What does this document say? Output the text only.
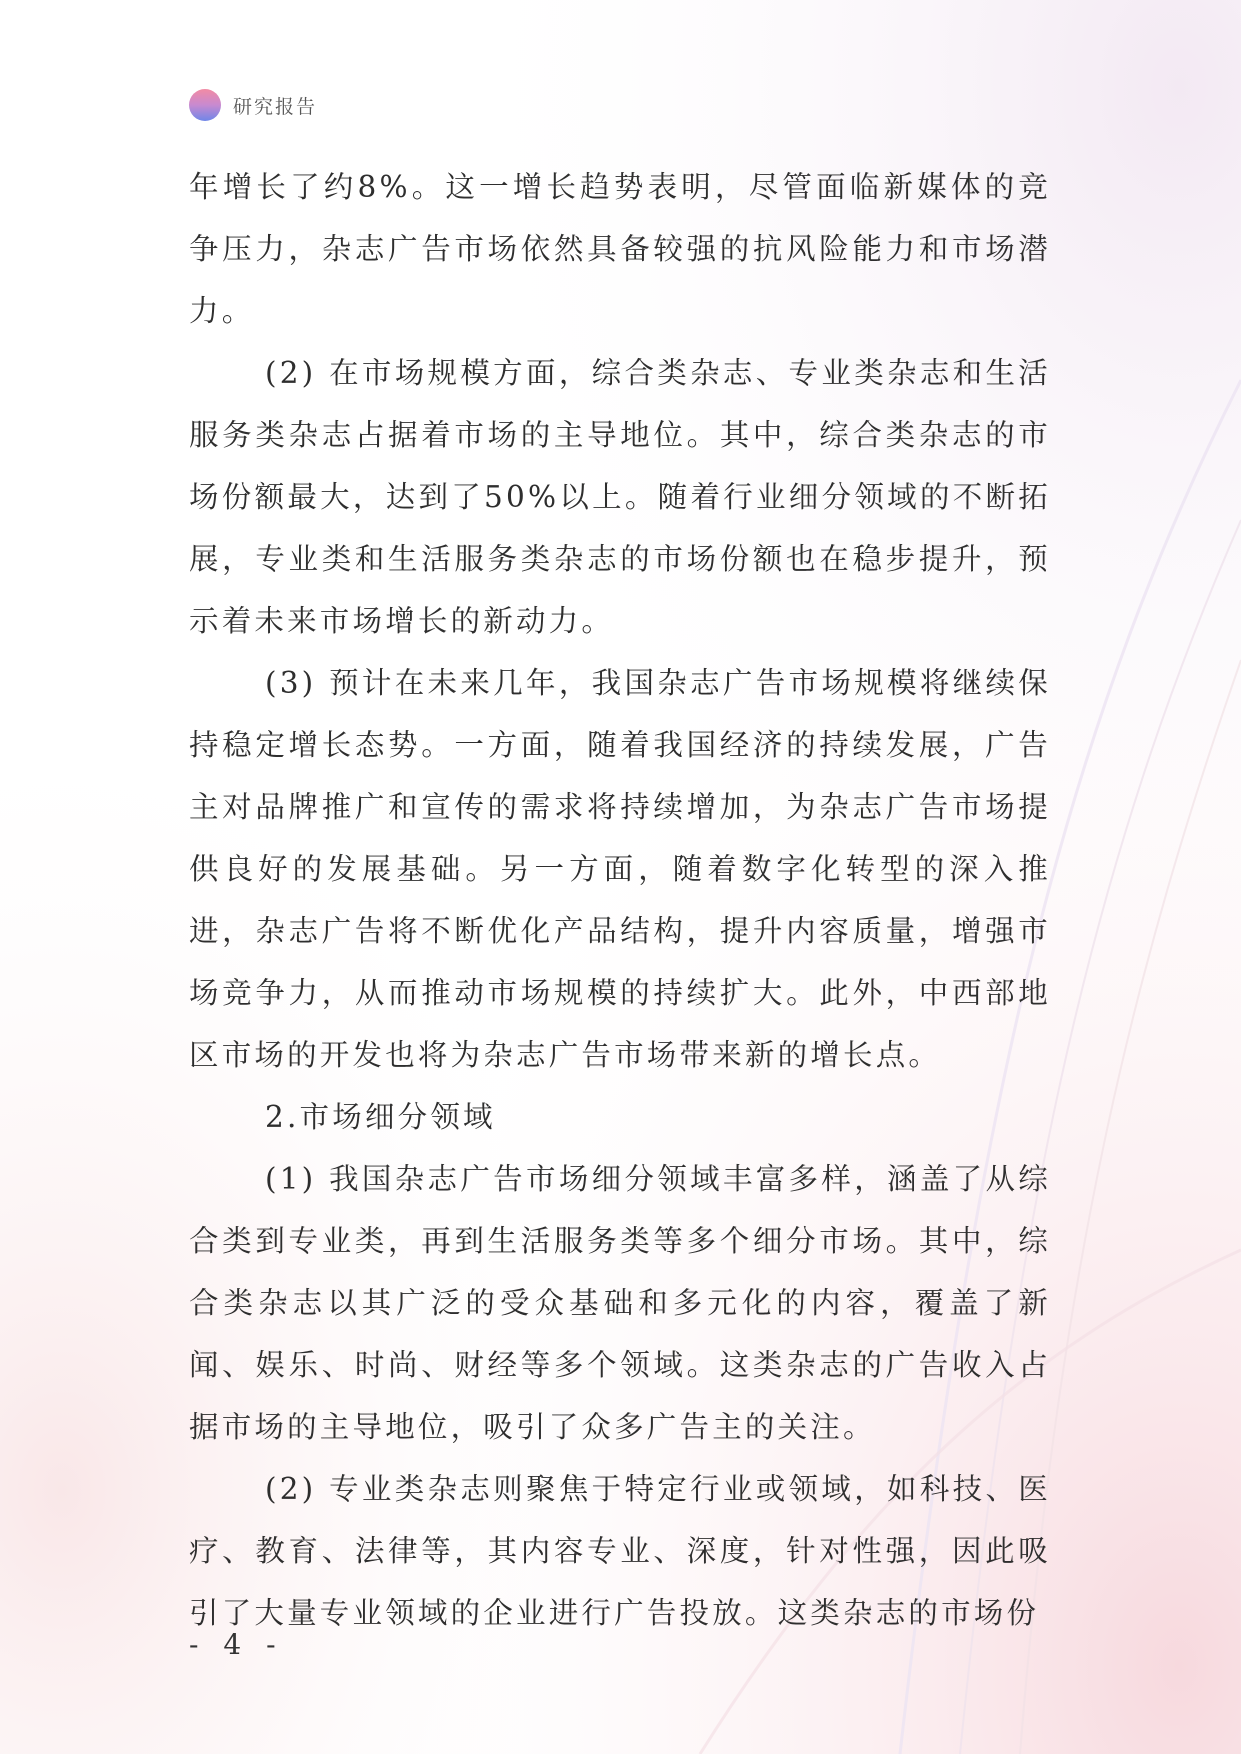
研究报告

年增长了约8%。这一增长趋势表明，尽管面临新媒体的竞争压力，杂志广告市场依然具备较强的抗风险能力和市场潜力。

(2) 在市场规模方面，综合类杂志、专业类杂志和生活服务类杂志占据着市场的主导地位。其中，综合类杂志的市场份额最大，达到了50%以上。随着行业细分领域的不断拓展，专业类和生活服务类杂志的市场份额也在稳步提升，预示着未来市场增长的新动力。

(3) 预计在未来几年，我国杂志广告市场规模将继续保持稳定增长态势。一方面，随着我国经济的持续发展，广告主对品牌推广和宣传的需求将持续增加，为杂志广告市场提供良好的发展基础。另一方面，随着数字化转型的深入推进，杂志广告将不断优化产品结构，提升内容质量，增强市场竞争力，从而推动市场规模的持续扩大。此外，中西部地区市场的开发也将为杂志广告市场带来新的增长点。

2.市场细分领域

(1) 我国杂志广告市场细分领域丰富多样，涵盖了从综合类到专业类，再到生活服务类等多个细分市场。其中，综合类杂志以其广泛的受众基础和多元化的内容，覆盖了新闻、娱乐、时尚、财经等多个领域。这类杂志的广告收入占据市场的主导地位，吸引了众多广告主的关注。

(2) 专业类杂志则聚焦于特定行业或领域，如科技、医疗、教育、法律等，其内容专业、深度，针对性强，因此吸引了大量专业领域的企业进行广告投放。这类杂志的市场份

- 4 -
